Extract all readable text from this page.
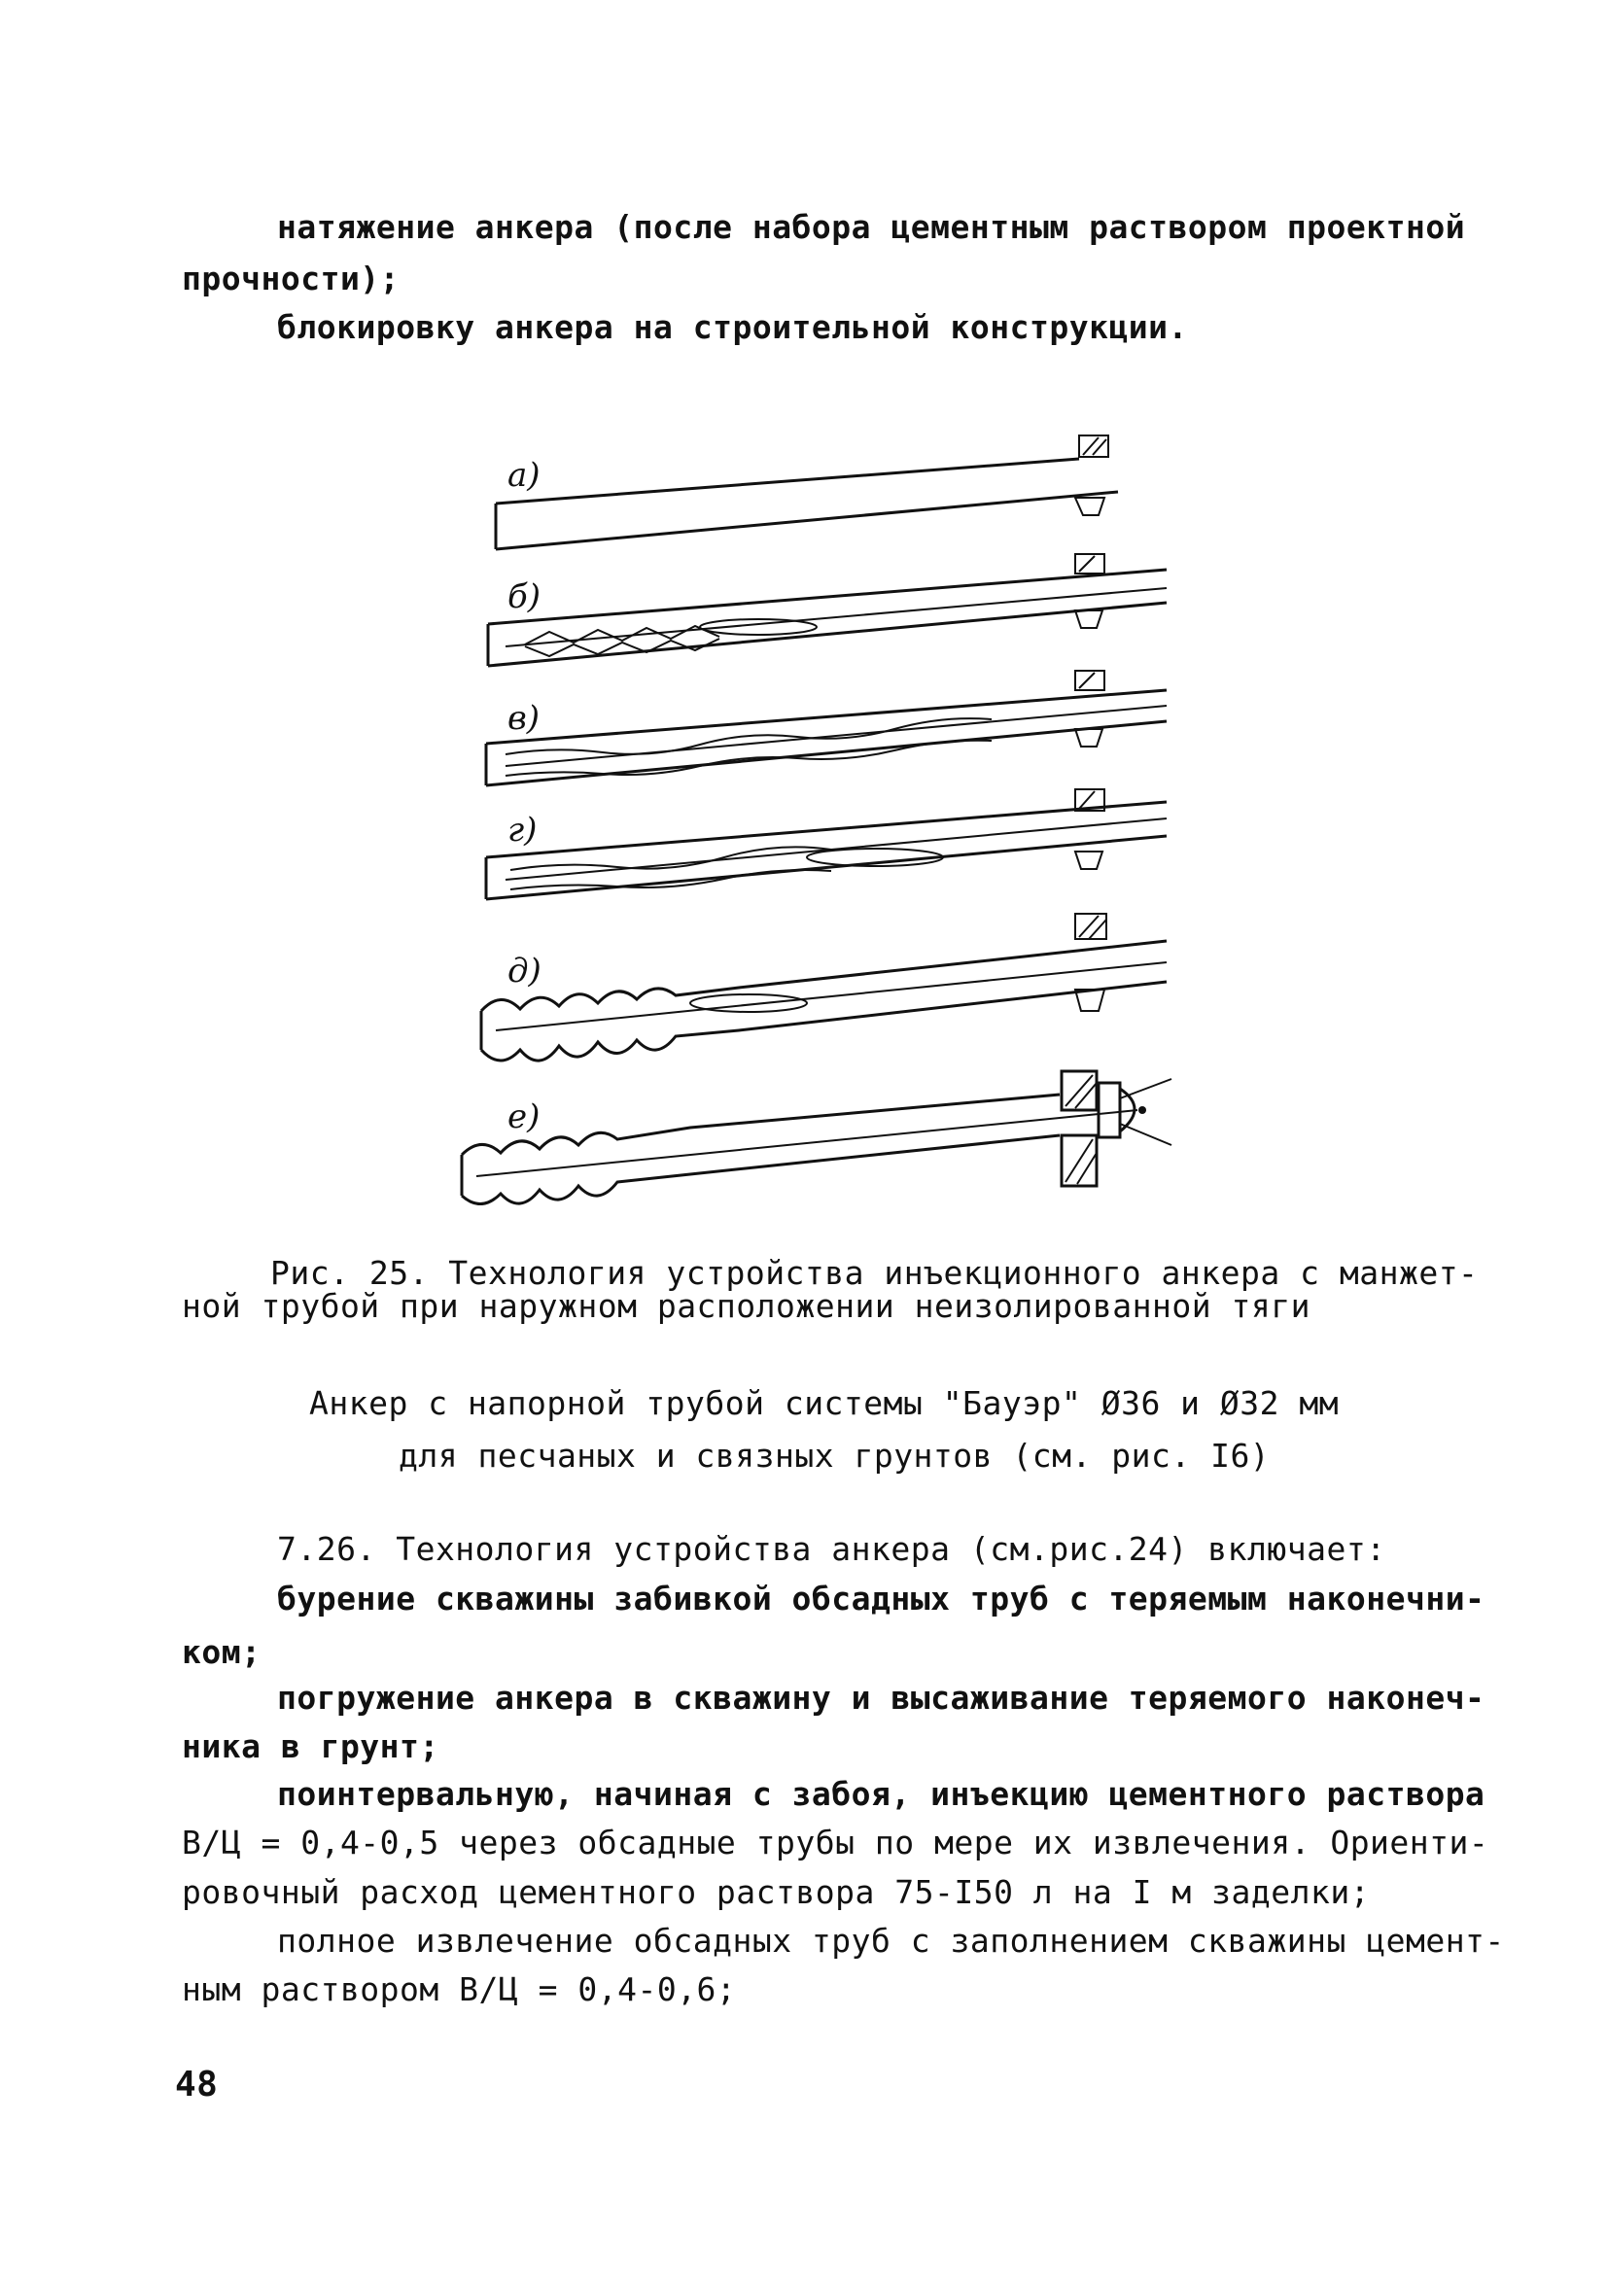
натяжение анкера (после набора цементным раствором проектной
прочности);
блокировку анкера на строительной конструкции.
а)
б)
в)
г)
д)
е)
Рис. 25. Технология устройства инъекционного анкера с манжет-
ной трубой при наружном расположении неизолированной тяги
Анкер с напорной трубой системы "Бауэр" Ø36 и Ø32 мм
для песчаных и связных грунтов (см. рис. I6)
7.26. Технология устройства анкера (см.рис.24) включает:
бурение скважины забивкой обсадных труб с теряемым наконечни-
ком;
погружение анкера в скважину и высаживание теряемого наконеч-
ника в грунт;
поинтервальную, начиная с забоя, инъекцию цементного раствора
В/Ц = 0,4-0,5 через обсадные трубы по мере их извлечения. Ориенти-
ровочный расход цементного раствора 75-I50 л на I м заделки;
полное извлечение обсадных труб с заполнением скважины цемент-
ным раствором В/Ц = 0,4-0,6;
48
